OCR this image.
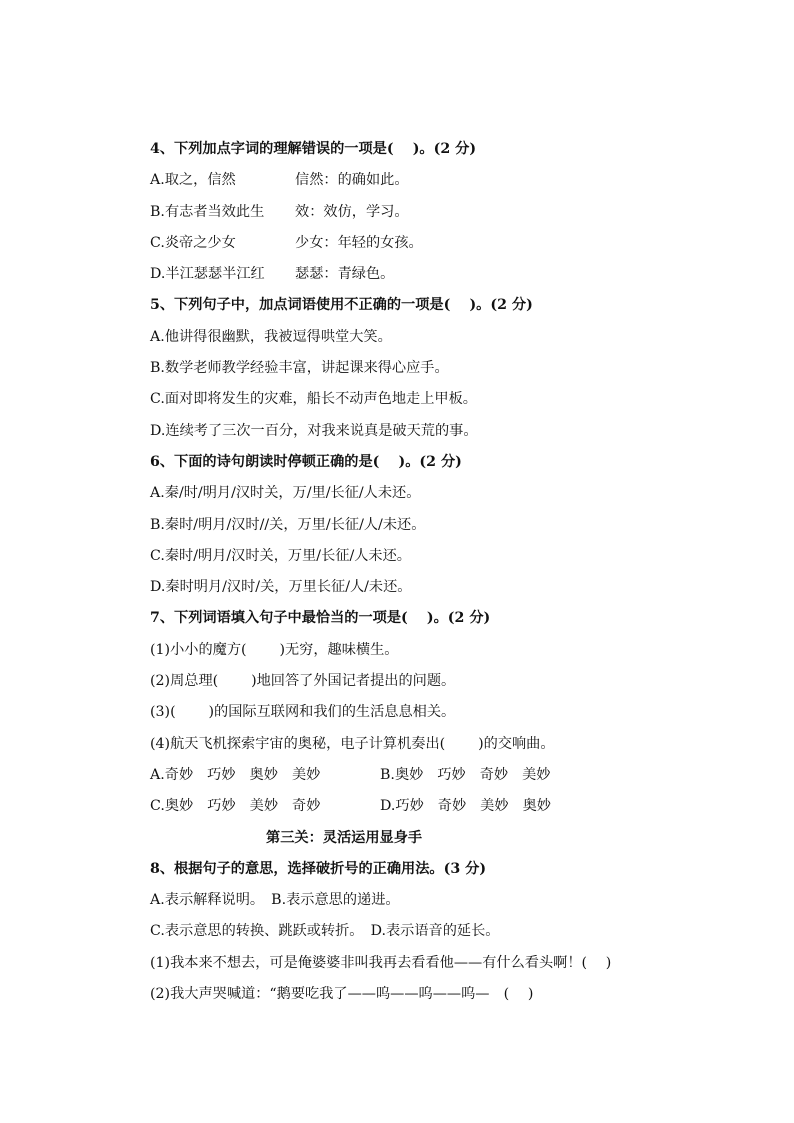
4、下列加点字词的理解错误的一项是(　 )。(2 分)
A.取之，信然	信然：的确如此。
B.有志者当效此生 效：效仿，学习。
C.炎帝之少女	少女：年轻的女孩。
D.半江瑟瑟半江红 瑟瑟：青绿色。
5、下列句子中，加点词语使用不正确的一项是(　 )。(2 分)
A.他讲得很幽默，我被逗得哄堂大笑。
B.数学老师教学经验丰富，讲起课来得心应手。
C.面对即将发生的灾难，船长不动声色地走上甲板。
D.连续考了三次一百分，对我来说真是破天荒的事。
6、下面的诗句朗读时停顿正确的是(　 )。(2 分)
A.秦/时/明月/汉时关，万/里/长征/人未还。
B.秦时/明月/汉时//关，万里/长征/人/未还。
C.秦时/明月/汉时关，万里/长征/人未还。
D.秦时明月/汉时/关，万里长征/人/未还。
7、下列词语填入句子中最恰当的一项是(　 )。(2 分)
(1)小小的魔方(　　 )无穷，趣味横生。
(2)周总理(　　 )地回答了外国记者提出的问题。
(3)(　　 )的国际互联网和我们的生活息息相关。
(4)航天飞机探索宇宙的奥秘，电子计算机奏出(　　 )的交响曲。
A.奇妙 巧妙 奥妙 美妙	B.奥妙 巧妙 奇妙 美妙
C.奥妙 巧妙 美妙 奇妙	D.巧妙 奇妙 美妙 奥妙
第三关：灵活运用显身手
8、根据句子的意思，选择破折号的正确用法。(3 分)
A.表示解释说明。　B.表示意思的递进。
C.表示意思的转换、跳跃或转折。　D.表示语音的延长。
(1)我本来不想去，可是俺婆婆非叫我再去看看他——有什么看头啊！(　 )
(2)我大声哭喊道：“鹅要吃我了——呜——呜——呜—　(　 )
